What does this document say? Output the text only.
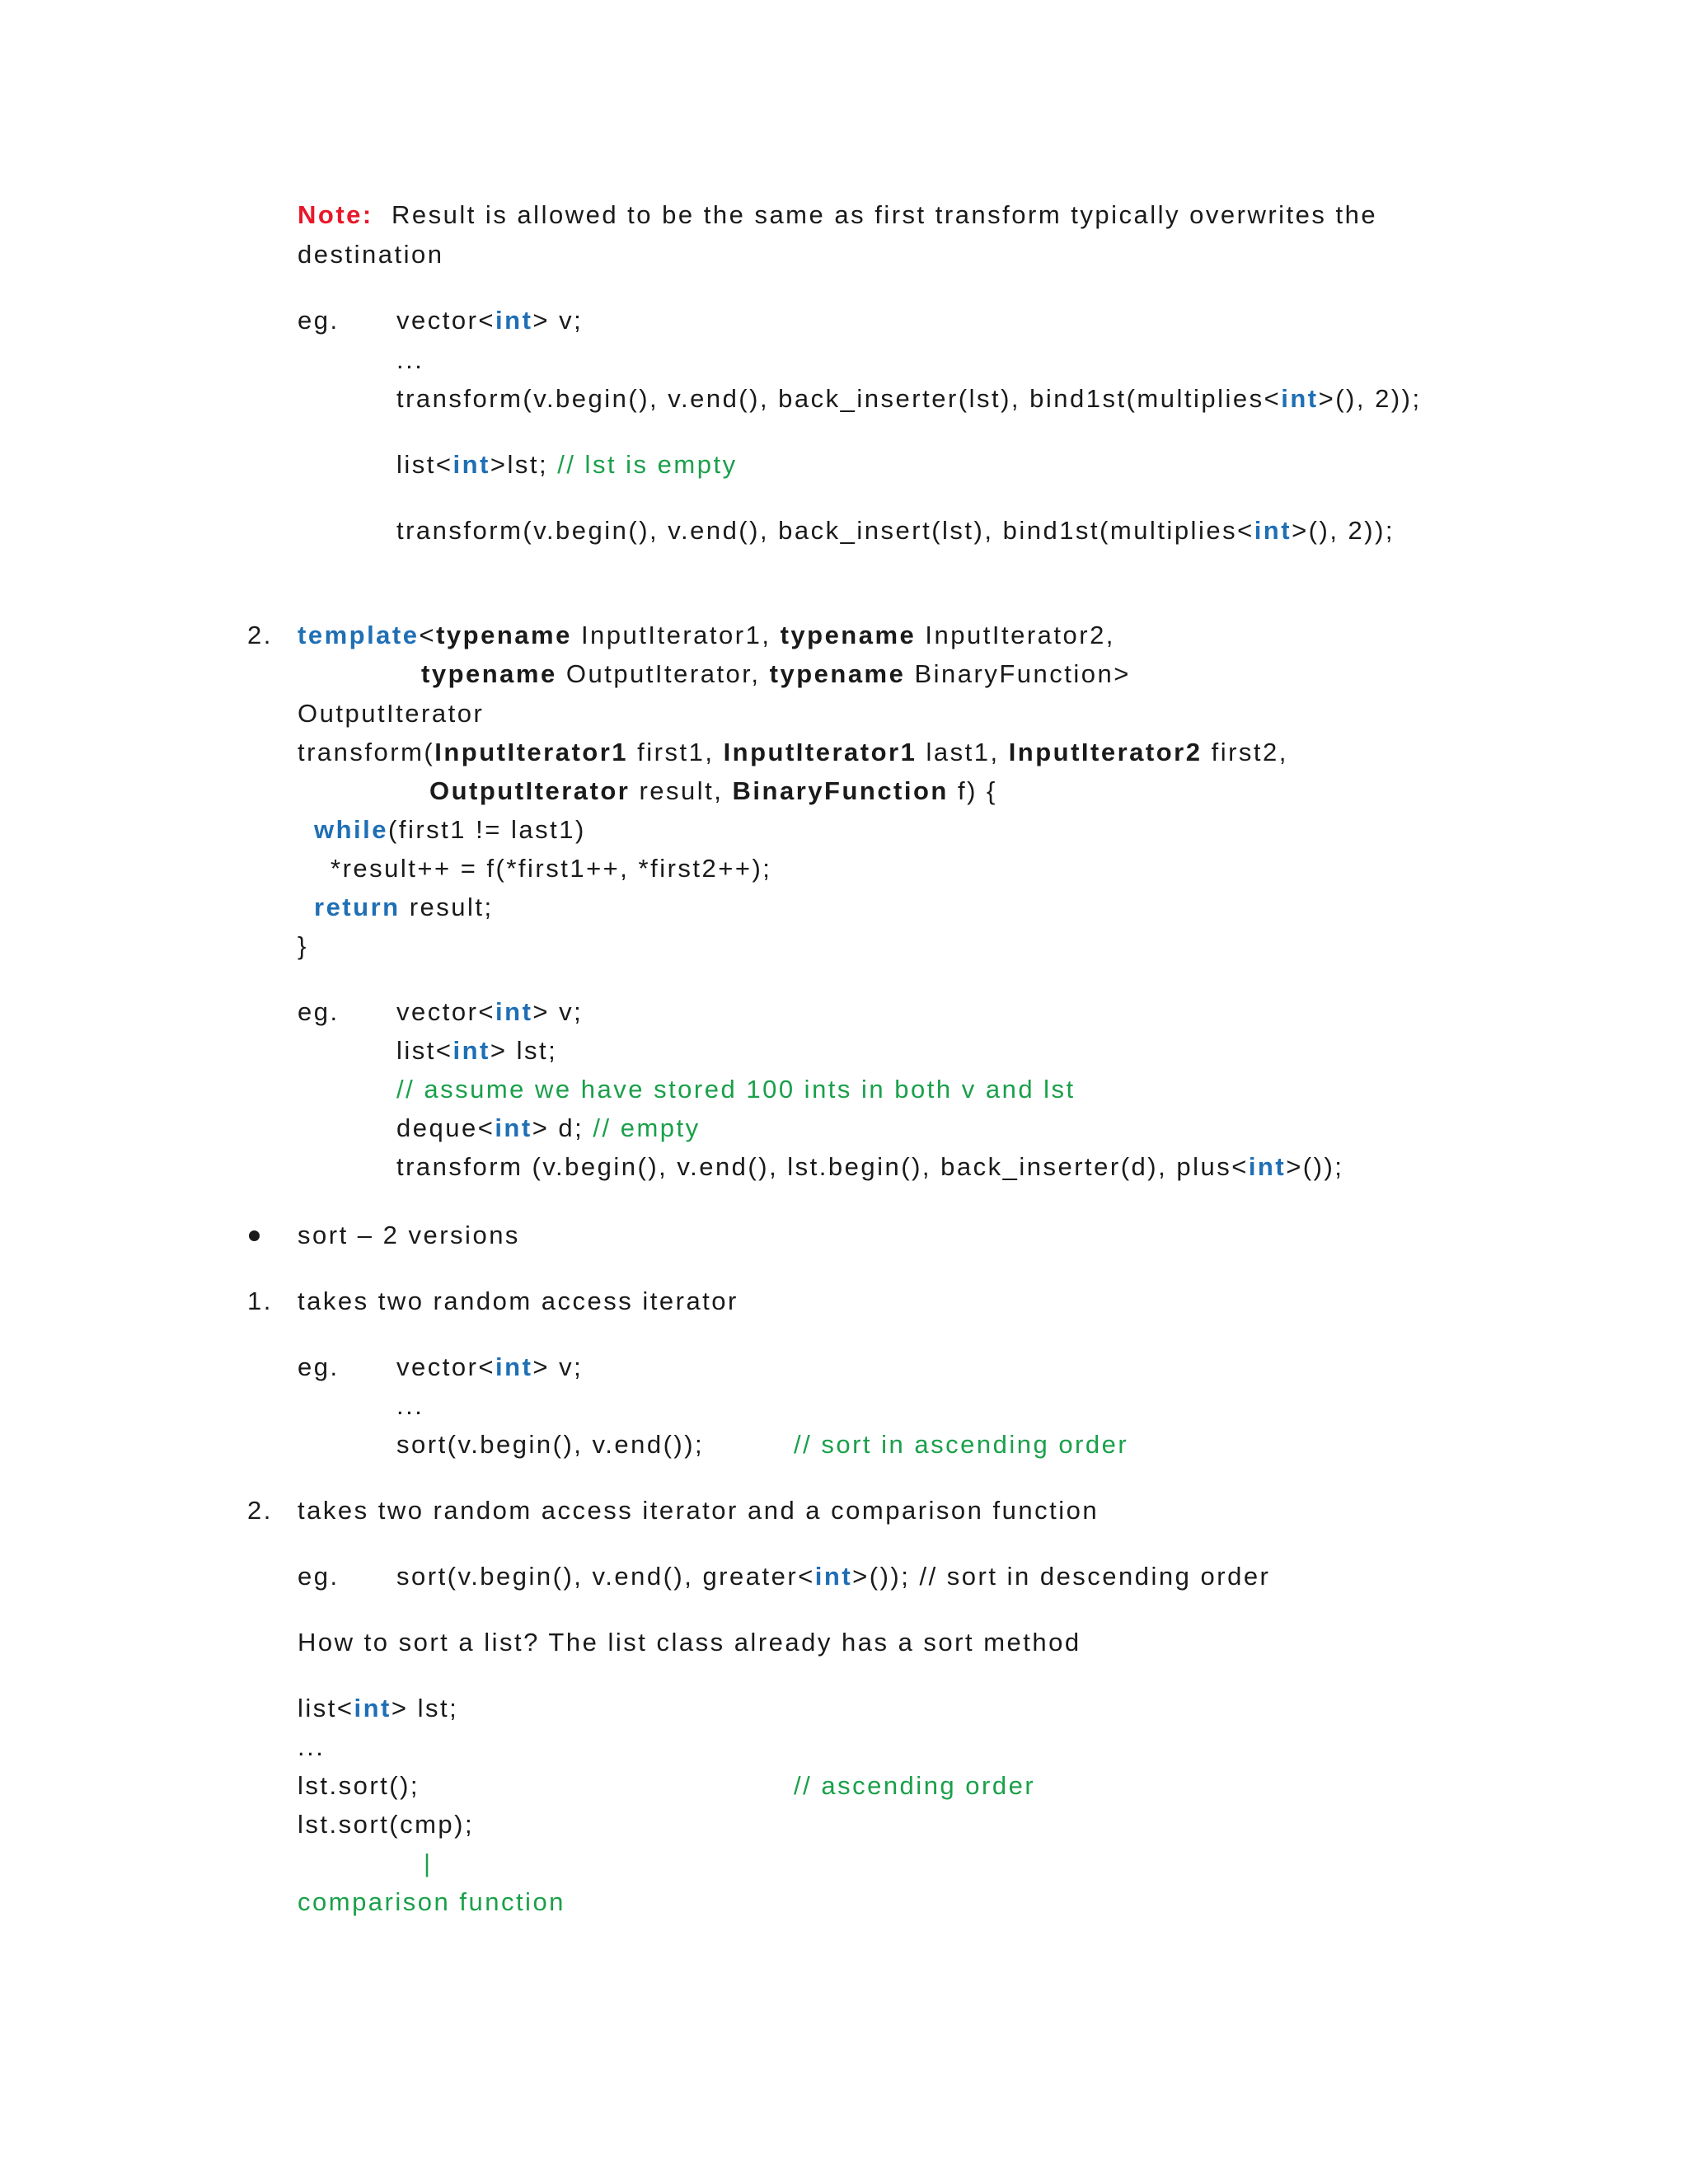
Note: Result is allowed to be the same as first transform typically overwrites the
destination
eg. vector<int> v;
...
transform(v.begin(), v.end(), back_inserter(lst), bind1st(multiplies<int>(), 2));
list<int>lst; // lst is empty
transform(v.begin(), v.end(), back_insert(lst), bind1st(multiplies<int>(), 2));
2. template<typename InputIterator1, typename InputIterator2,
typename OutputIterator, typename BinaryFunction>
OutputIterator
transform(InputIterator1 first1, InputIterator1 last1, InputIterator2 first2,
OutputIterator result, BinaryFunction f) {
while(first1 != last1)
*result++ = f(*first1++, *first2++);
return result;
}
eg. vector<int> v;
list<int> lst;
// assume we have stored 100 ints in both v and lst
deque<int> d; // empty
transform (v.begin(), v.end(), lst.begin(), back_inserter(d), plus<int>());
sort – 2 versions
1. takes two random access iterator
eg. vector<int> v;
...
sort(v.begin(), v.end());	// sort in ascending order
2. takes two random access iterator and a comparison function
eg. sort(v.begin(), v.end(), greater<int>()); // sort in descending order
How to sort a list? The list class already has a sort method
list<int> lst;
...
lst.sort();	// ascending order
lst.sort(cmp);
|
comparison function
